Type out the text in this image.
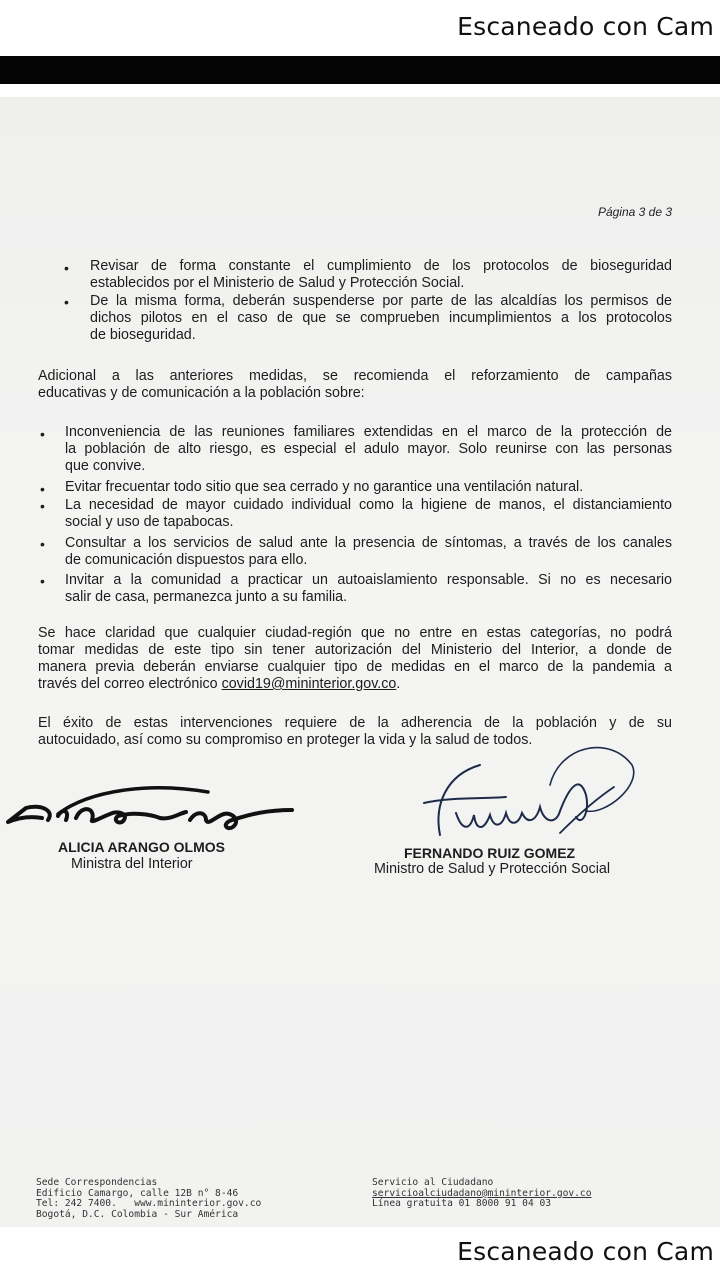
Escaneado con Cam
Página 3 de 3
• Revisar de forma constante el cumplimiento de los protocolos de bioseguridad
establecidos por el Ministerio de Salud y Protección Social.
• De la misma forma, deberán suspenderse por parte de las alcaldías los permisos de
dichos pilotos en el caso de que se comprueben incumplimientos a los protocolos
de bioseguridad.
Adicional a las anteriores medidas, se recomienda el reforzamiento de campañas
educativas y de comunicación a la población sobre:
• Inconveniencia de las reuniones familiares extendidas en el marco de la protección de
la población de alto riesgo, es especial el adulo mayor. Solo reunirse con las personas
que convive.
• Evitar frecuentar todo sitio que sea cerrado y no garantice una ventilación natural.
• La necesidad de mayor cuidado individual como la higiene de manos, el distanciamiento
social y uso de tapabocas.
• Consultar a los servicios de salud ante la presencia de síntomas, a través de los canales
de comunicación dispuestos para ello.
• Invitar a la comunidad a practicar un autoaislamiento responsable. Si no es necesario
salir de casa, permanezca junto a su familia.
Se hace claridad que cualquier ciudad-región que no entre en estas categorías, no podrá
tomar medidas de este tipo sin tener autorización del Ministerio del Interior, a donde de
manera previa deberán enviarse cualquier tipo de medidas en el marco de la pandemia a
través del correo electrónico covid19@mininterior.gov.co.
El éxito de estas intervenciones requiere de la adherencia de la población y de su
autocuidado, así como su compromiso en proteger la vida y la salud de todos.
ALICIA ARANGO OLMOS
Ministra del Interior
FERNANDO RUIZ GOMEZ
Ministro de Salud y Protección Social
Sede Correspondencias
Edificio Camargo, calle 12B n° 8-46
Tel: 242 7400.   www.mininterior.gov.co
Bogotá, D.C. Colombia - Sur América
Servicio al Ciudadano
servicioalciudadano@mininterior.gov.co
Línea gratuita 01 8000 91 04 03
Escaneado con Cam
